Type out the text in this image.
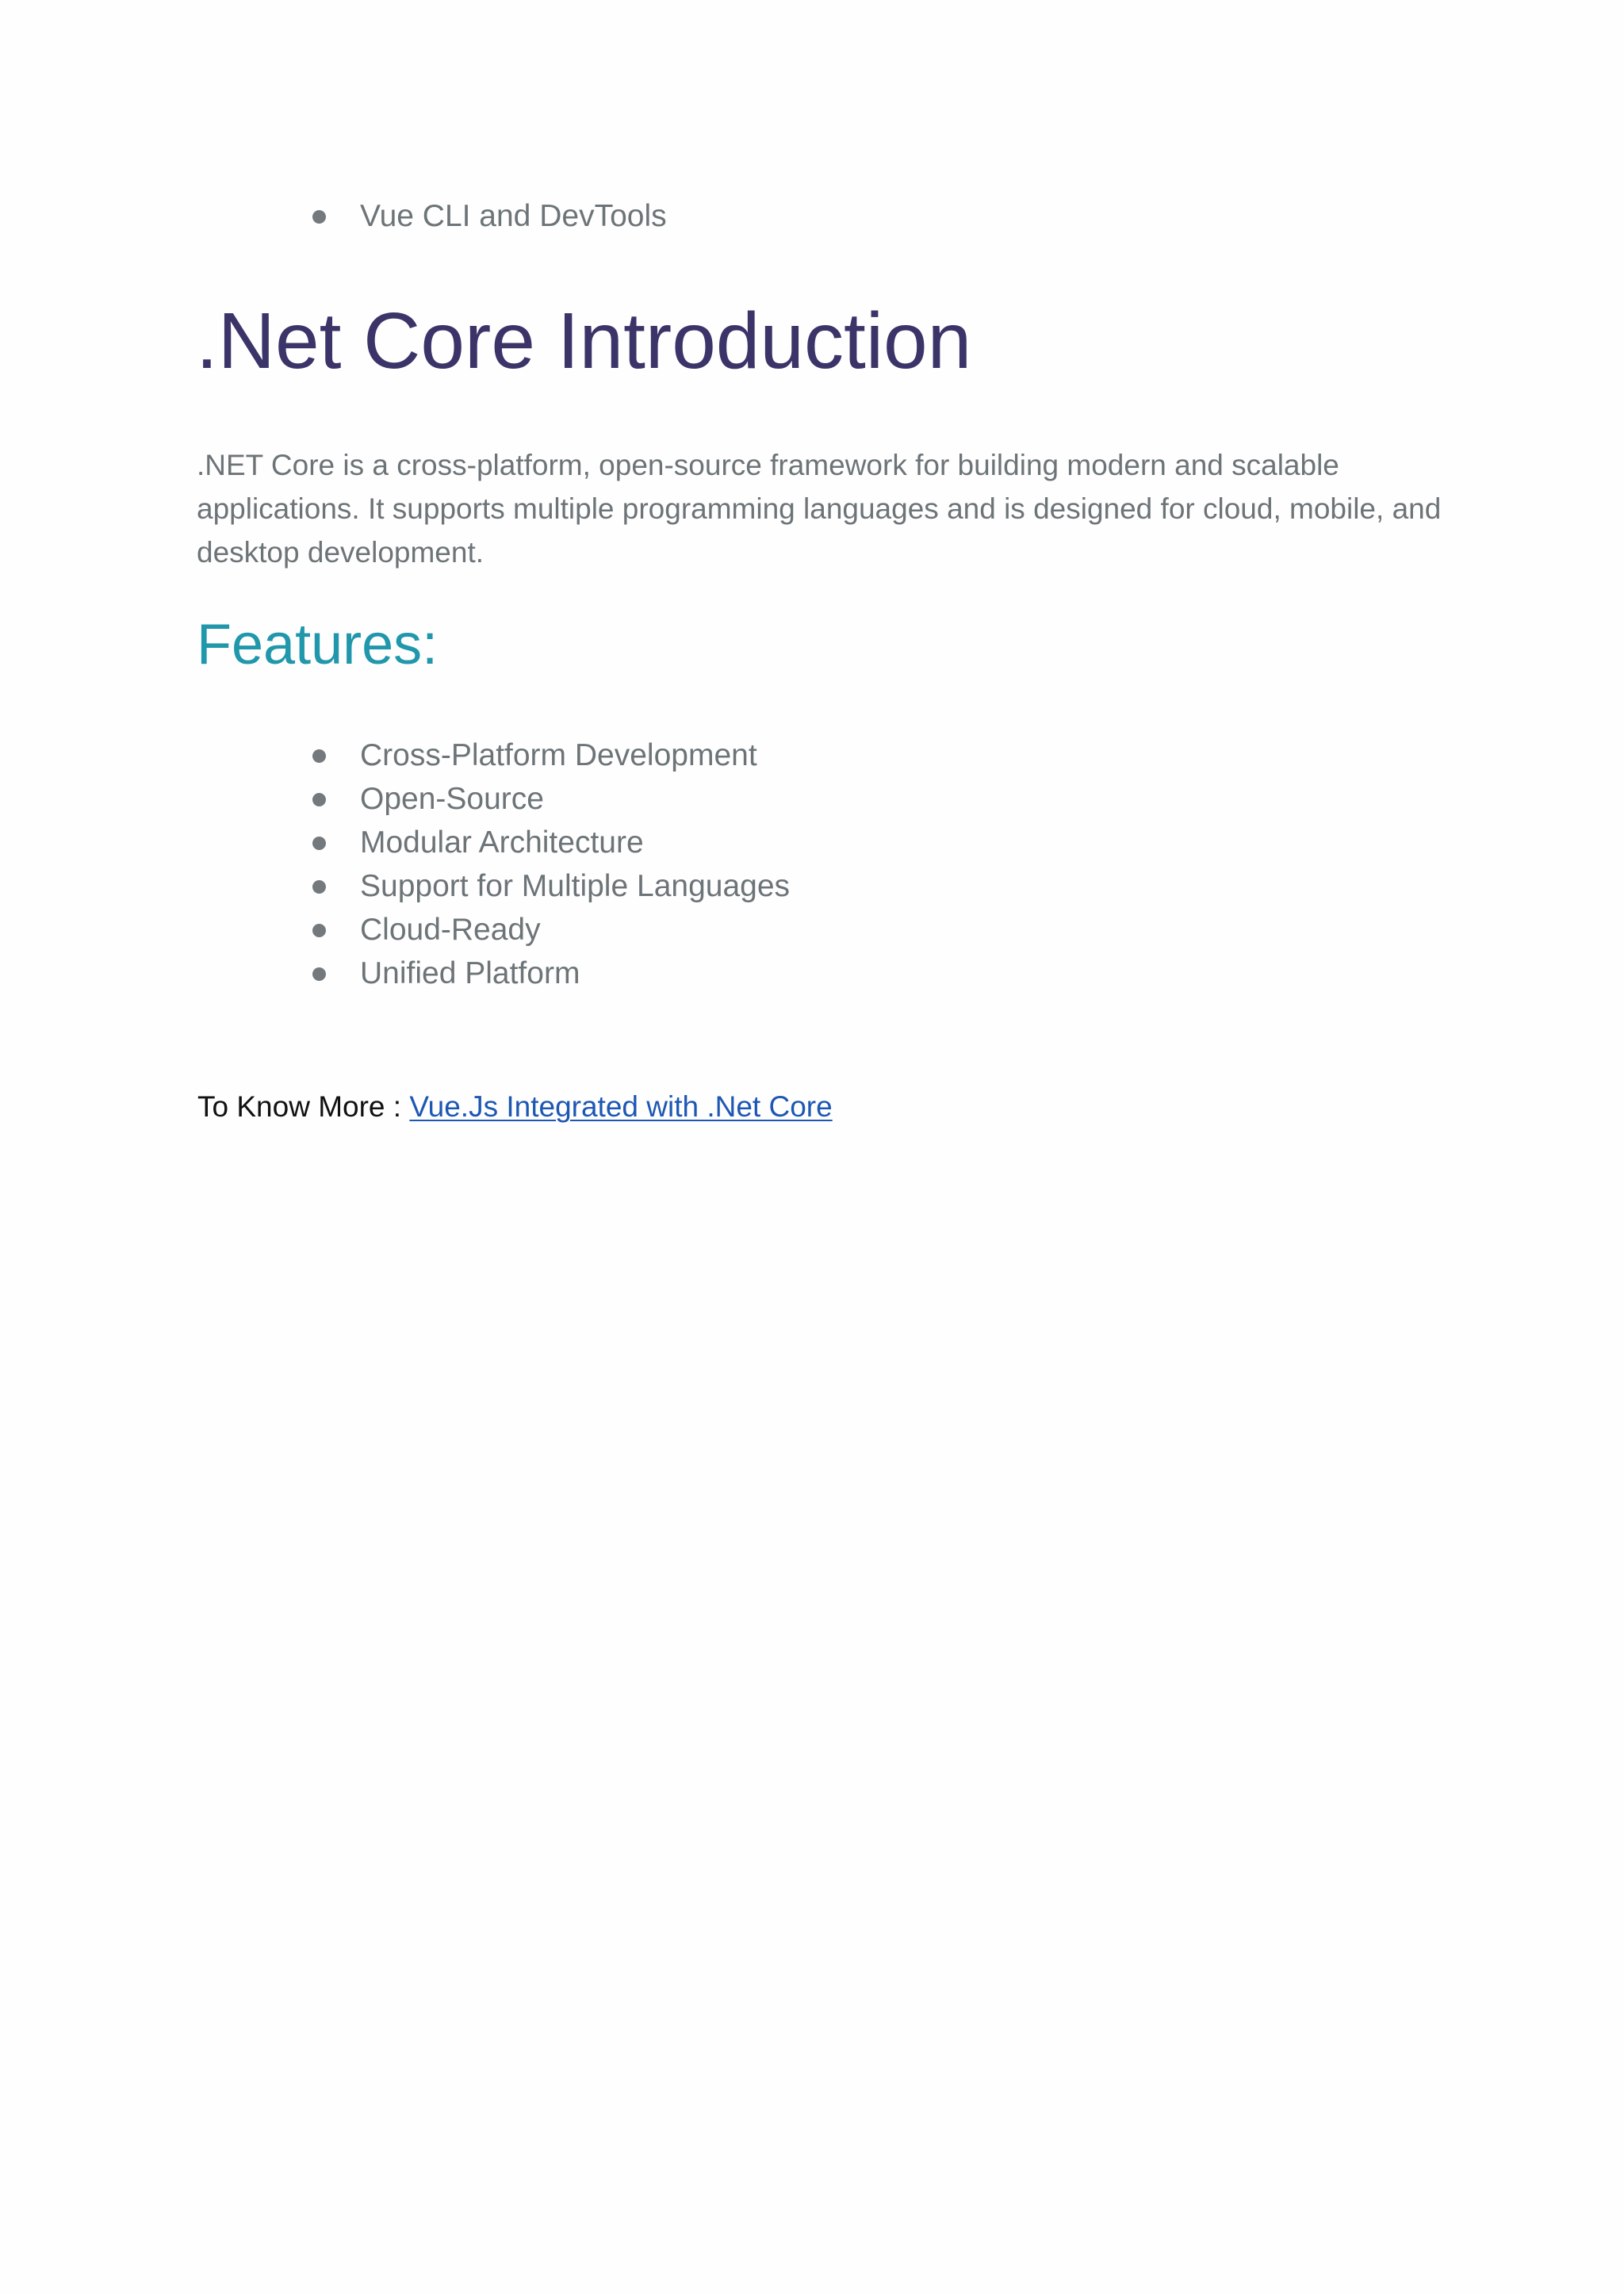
Vue CLI and DevTools
.Net Core Introduction

.NET Core is a cross-platform, open-source framework for building modern and scalable applications. It supports multiple programming languages and is designed for cloud, mobile, and desktop development.

Features:
Cross-Platform Development
Open-Source
Modular Architecture
Support for Multiple Languages
Cloud-Ready
Unified Platform

To Know More : Vue.Js Integrated with .Net Core
